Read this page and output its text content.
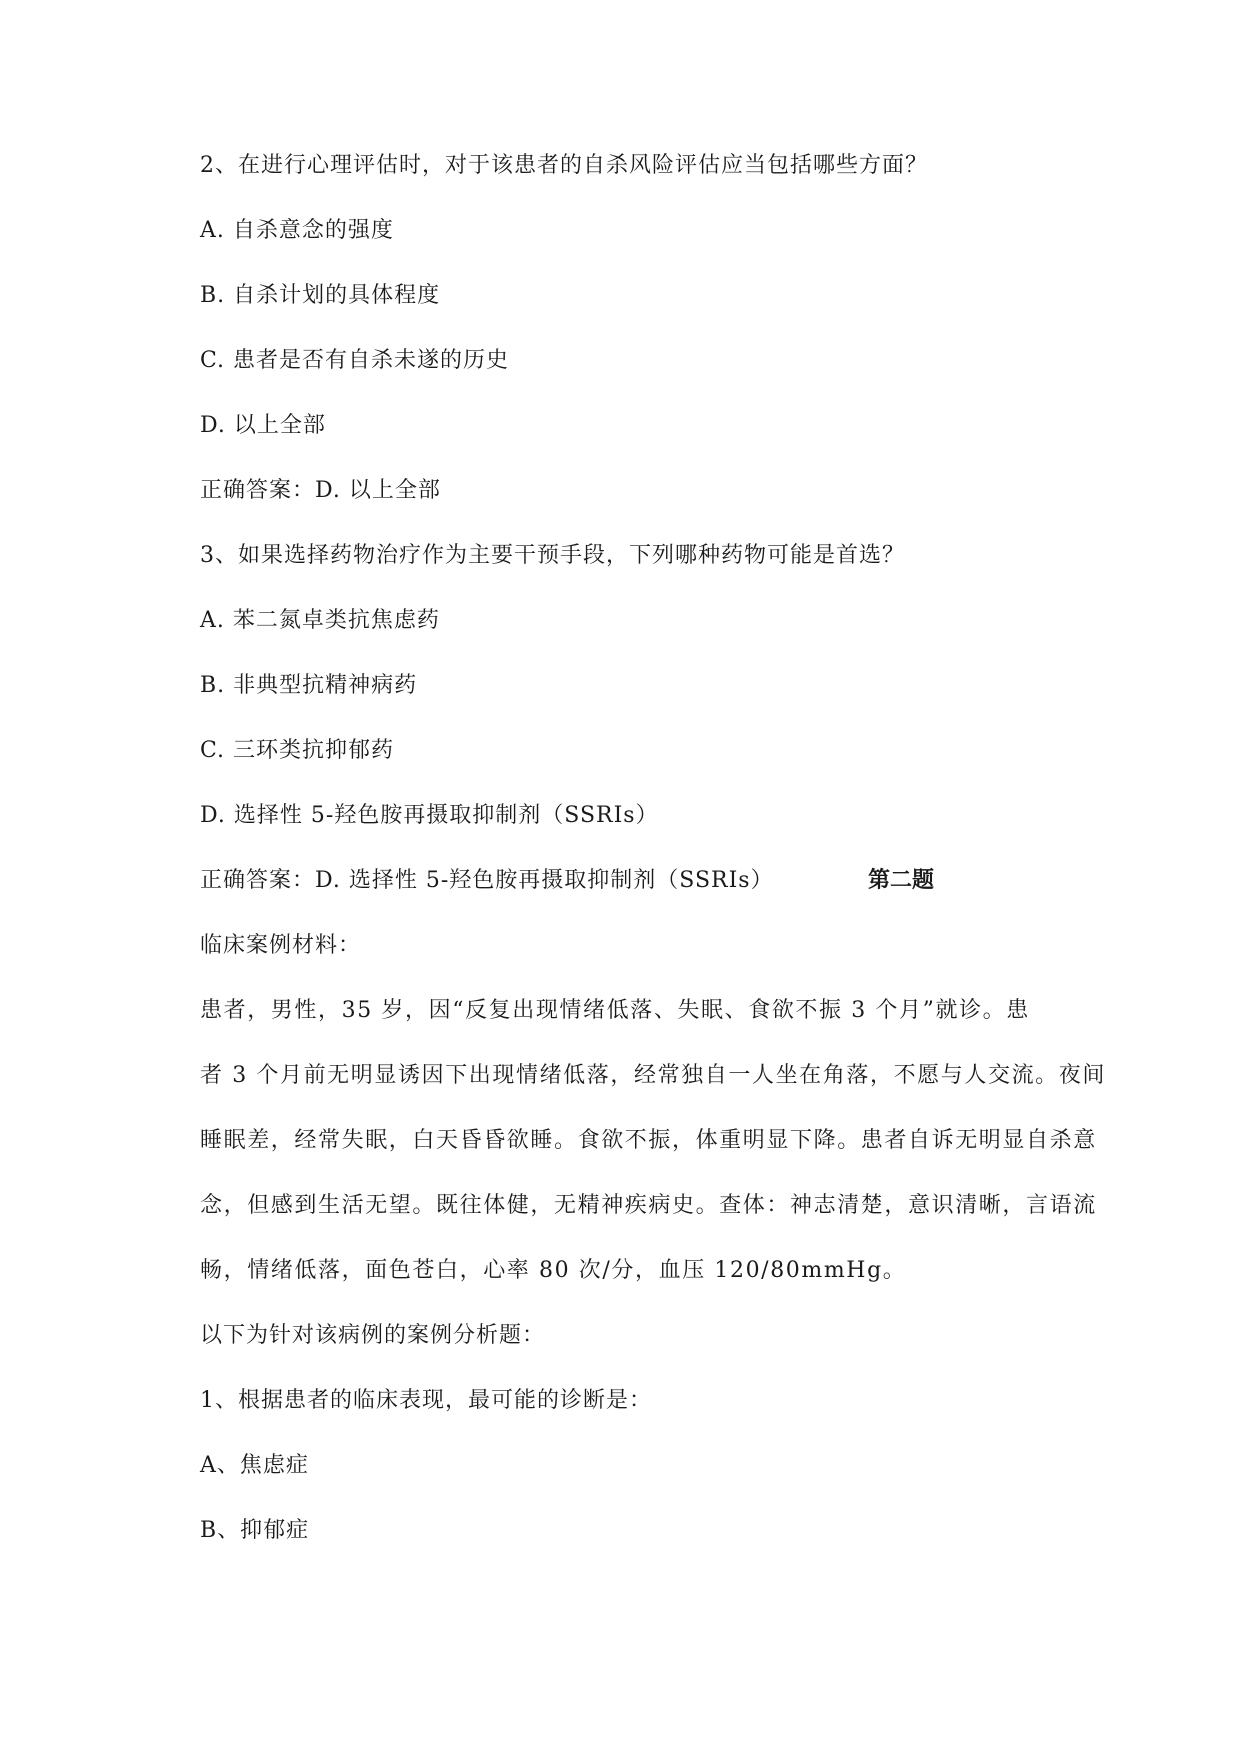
2、在进行心理评估时，对于该患者的自杀风险评估应当包括哪些方面？
A. 自杀意念的强度
B. 自杀计划的具体程度
C. 患者是否有自杀未遂的历史
D. 以上全部
正确答案：D. 以上全部
3、如果选择药物治疗作为主要干预手段，下列哪种药物可能是首选？
A. 苯二氮卓类抗焦虑药
B. 非典型抗精神病药
C. 三环类抗抑郁药
D. 选择性 5-羟色胺再摄取抑制剂（SSRIs）
正确答案：D. 选择性 5-羟色胺再摄取抑制剂（SSRIs）	第二题
临床案例材料：
患者，男性，35 岁，因“反复出现情绪低落、失眠、食欲不振 3 个月”就诊。患
者 3 个月前无明显诱因下出现情绪低落，经常独自一人坐在角落，不愿与人交流。夜间
睡眠差，经常失眠，白天昏昏欲睡。食欲不振，体重明显下降。患者自诉无明显自杀意
念，但感到生活无望。既往体健，无精神疾病史。查体：神志清楚，意识清晰，言语流
畅，情绪低落，面色苍白，心率 80 次/分，血压 120/80mmHg。
以下为针对该病例的案例分析题：
1、根据患者的临床表现，最可能的诊断是：
A、焦虑症
B、抑郁症
